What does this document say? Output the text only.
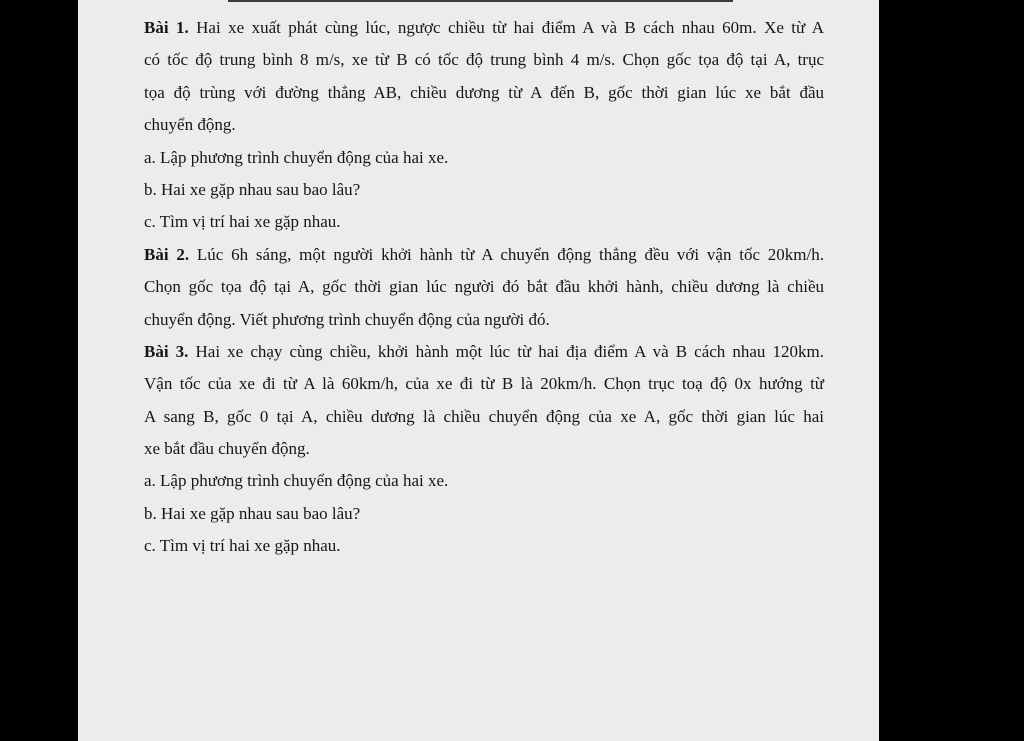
Bài 1. Hai xe xuất phát cùng lúc, ngược chiều từ hai điểm A và B cách nhau 60m. Xe từ A
có tốc độ trung bình 8 m/s, xe từ B có tốc độ trung bình 4 m/s. Chọn gốc tọa độ tại A, trục
tọa độ trùng với đường thẳng AB, chiều dương từ A đến B, gốc thời gian lúc xe bắt đầu
chuyển động.
a. Lập phương trình chuyển động của hai xe.
b. Hai xe gặp nhau sau bao lâu?
c. Tìm vị trí hai xe gặp nhau.
Bài 2. Lúc 6h sáng, một người khởi hành từ A chuyển động thẳng đều với vận tốc 20km/h.
Chọn gốc tọa độ tại A, gốc thời gian lúc người đó bắt đầu khởi hành, chiều dương là chiều
chuyển động. Viết phương trình chuyển động của người đó.
Bài 3. Hai xe chạy cùng chiều, khởi hành một lúc từ hai địa điểm A và B cách nhau 120km.
Vận tốc của xe đi từ A là 60km/h, của xe đi từ B là 20km/h. Chọn trục toạ độ 0x hướng từ
A sang B, gốc 0 tại A, chiều dương là chiều chuyển động của xe A, gốc thời gian lúc hai
xe bắt đầu chuyển động.
a. Lập phương trình chuyển động của hai xe.
b. Hai xe gặp nhau sau bao lâu?
c. Tìm vị trí hai xe gặp nhau.
